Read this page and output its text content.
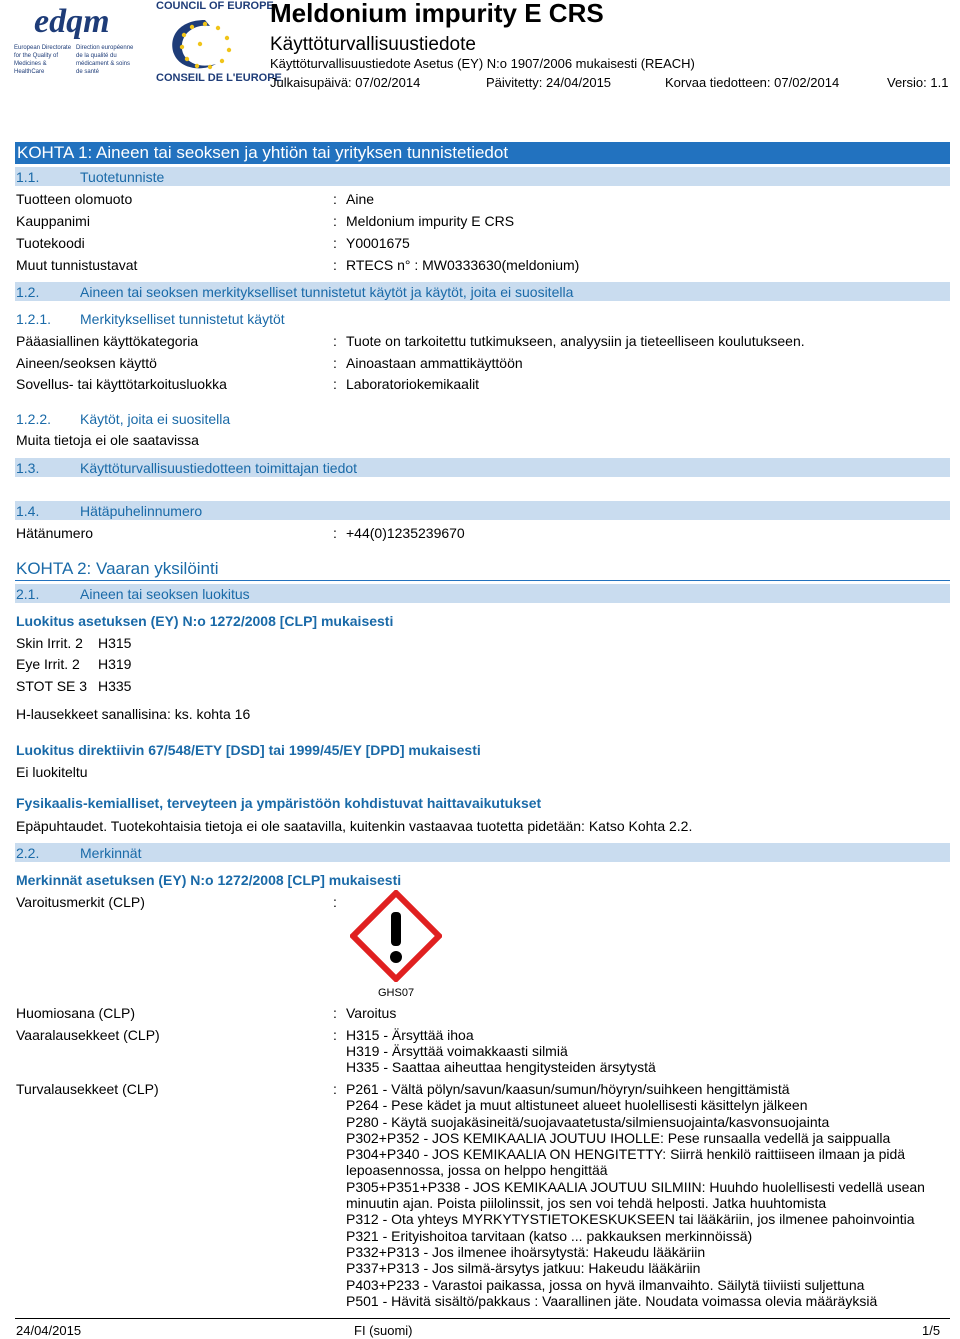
edqm
European Directorate for the Quality of Medicines & HealthCare
Direction européenne de la qualité du médicament & soins de santé
COUNCIL OF EUROPE
CONSEIL DE L'EUROPE
Meldonium impurity E CRS
Käyttöturvallisuustiedote
Käyttöturvallisuustiedote Asetus (EY) N:o 1907/2006 mukaisesti (REACH)
Julkaisupäivä: 07/02/2014	Päivitetty: 24/04/2015	Korvaa tiedotteen: 07/02/2014	Versio: 1.1
KOHTA 1: Aineen tai seoksen ja yhtiön tai yrityksen tunnistetiedot
1.1.	Tuotetunniste
Tuotteen olomuoto	: Aine
Kauppanimi	: Meldonium impurity E CRS
Tuotekoodi	: Y0001675
Muut tunnistustavat	: RTECS n° : MW0333630(meldonium)
1.2.	Aineen tai seoksen merkitykselliset tunnistetut käytöt ja käytöt, joita ei suositella
1.2.1. Merkitykselliset tunnistetut käytöt
Pääasiallinen käyttökategoria	: Tuote on tarkoitettu tutkimukseen, analyysiin ja tieteelliseen koulutukseen.
Aineen/seoksen käyttö	: Ainoastaan ammattikäyttöön
Sovellus- tai käyttötarkoitusluokka	: Laboratoriokemikaalit
1.2.2. Käytöt, joita ei suositella
Muita tietoja ei ole saatavissa
1.3.	Käyttöturvallisuustiedotteen toimittajan tiedot
1.4.	Hätäpuhelinnumero
Hätänumero	: +44(0)1235239670
KOHTA 2: Vaaran yksilöinti
2.1.	Aineen tai seoksen luokitus
Luokitus asetuksen (EY) N:o 1272/2008 [CLP] mukaisesti
Skin Irrit. 2 H315
Eye Irrit. 2 H319
STOT SE 3 H335
H-lausekkeet sanallisina: ks. kohta 16
Luokitus direktiivin 67/548/ETY [DSD] tai 1999/45/EY [DPD] mukaisesti
Ei luokiteltu
Fysikaalis-kemialliset, terveyteen ja ympäristöön kohdistuvat haittavaikutukset
Epäpuhtaudet. Tuotekohtaisia tietoja ei ole saatavilla, kuitenkin vastaavaa tuotetta pidetään: Katso Kohta 2.2.
2.2.	Merkinnät
Merkinnät asetuksen (EY) N:o 1272/2008 [CLP] mukaisesti
Varoitusmerkit (CLP)	:
GHS07
Huomiosana (CLP)	: Varoitus
Vaaralausekkeet (CLP)	: H315 - Ärsyttää ihoa
H319 - Ärsyttää voimakkaasti silmiä
H335 - Saattaa aiheuttaa hengitysteiden ärsytystä
Turvalausekkeet (CLP)	: P261 - Vältä pölyn/savun/kaasun/sumun/höyryn/suihkeen hengittämistä
P264 - Pese kädet ja muut altistuneet alueet huolellisesti käsittelyn jälkeen
P280 - Käytä suojakäsineitä/suojavaatetusta/silmiensuojainta/kasvonsuojainta
P302+P352 - JOS KEMIKAALIA JOUTUU IHOLLE: Pese runsaalla vedellä ja saippualla
P304+P340 - JOS KEMIKAALIA ON HENGITETTY: Siirrä henkilö raittiiseen ilmaan ja pidä
lepoasennossa, jossa on helppo hengittää
P305+P351+P338 - JOS KEMIKAALIA JOUTUU SILMIIN: Huuhdo huolellisesti vedellä usean
minuutin ajan. Poista piilolinssit, jos sen voi tehdä helposti. Jatka huuhtomista
P312 - Ota yhteys MYRKYTYSTIETOKESKUKSEEN tai lääkäriin, jos ilmenee pahoinvointia
P321 - Erityishoitoa tarvitaan (katso ... pakkauksen merkinnöissä)
P332+P313 - Jos ilmenee ihoärsytystä: Hakeudu lääkäriin
P337+P313 - Jos silmä-ärsytys jatkuu: Hakeudu lääkäriin
P403+P233 - Varastoi paikassa, jossa on hyvä ilmanvaihto. Säilytä tiiviisti suljettuna
P501 - Hävitä sisältö/pakkaus : Vaarallinen jäte. Noudata voimassa olevia määräyksiä
24/04/2015	FI (suomi)	1/5
